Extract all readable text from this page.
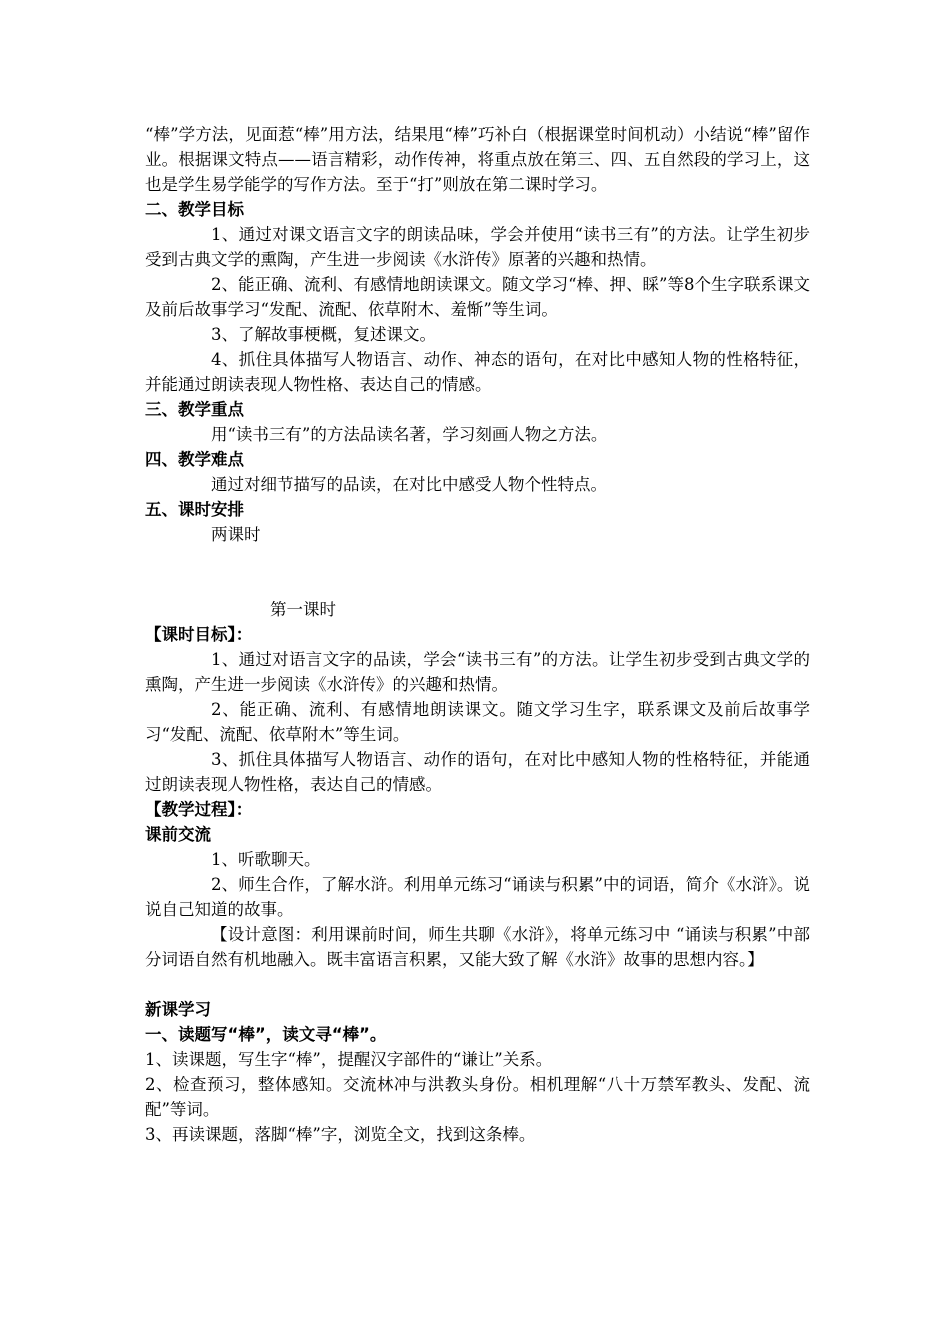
“棒”学方法，见面惹“棒”用方法，结果甩“棒”巧补白（根据课堂时间机动）小结说“棒”留作业。根据课文特点——语言精彩，动作传神，将重点放在第三、四、五自然段的学习上，这也是学生易学能学的写作方法。至于“打”则放在第二课时学习。

二、教学目标

1、通过对课文语言文字的朗读品味，学会并使用“读书三有”的方法。让学生初步受到古典文学的熏陶，产生进一步阅读《水浒传》原著的兴趣和热情。

2、能正确、流利、有感情地朗读课文。随文学习“棒、押、睬”等8个生字联系课文及前后故事学习“发配、流配、依草附木、羞惭”等生词。

3、了解故事梗概，复述课文。

4、抓住具体描写人物语言、动作、神态的语句，在对比中感知人物的性格特征，并能通过朗读表现人物性格、表达自己的情感。

三、教学重点

用“读书三有”的方法品读名著，学习刻画人物之方法。

四、教学难点

通过对细节描写的品读，在对比中感受人物个性特点。

五、课时安排

两课时

第一课时
【课时目标】：

1、通过对语言文字的品读，学会“读书三有”的方法。让学生初步受到古典文学的熏陶，产生进一步阅读《水浒传》的兴趣和热情。

2、能正确、流利、有感情地朗读课文。随文学习生字，联系课文及前后故事学习“发配、流配、依草附木”等生词。

3、抓住具体描写人物语言、动作的语句，在对比中感知人物的性格特征，并能通过朗读表现人物性格，表达自己的情感。

【教学过程】：
课前交流

1、听歌聊天。

2、师生合作，了解水浒。利用单元练习“诵读与积累”中的词语，简介《水浒》。说说自己知道的故事。

【设计意图：利用课前时间，师生共聊《水浒》，将单元练习中 “诵读与积累”中部分词语自然有机地融入。既丰富语言积累，又能大致了解《水浒》故事的思想内容。】

新课学习
一、读题写“棒”，读文寻“棒”。

1、读课题，写生字“棒”，提醒汉字部件的“谦让”关系。

2、检查预习，整体感知。交流林冲与洪教头身份。相机理解“八十万禁军教头、发配、流配”等词。

3、再读课题，落脚“棒”字，浏览全文，找到这条棒。
